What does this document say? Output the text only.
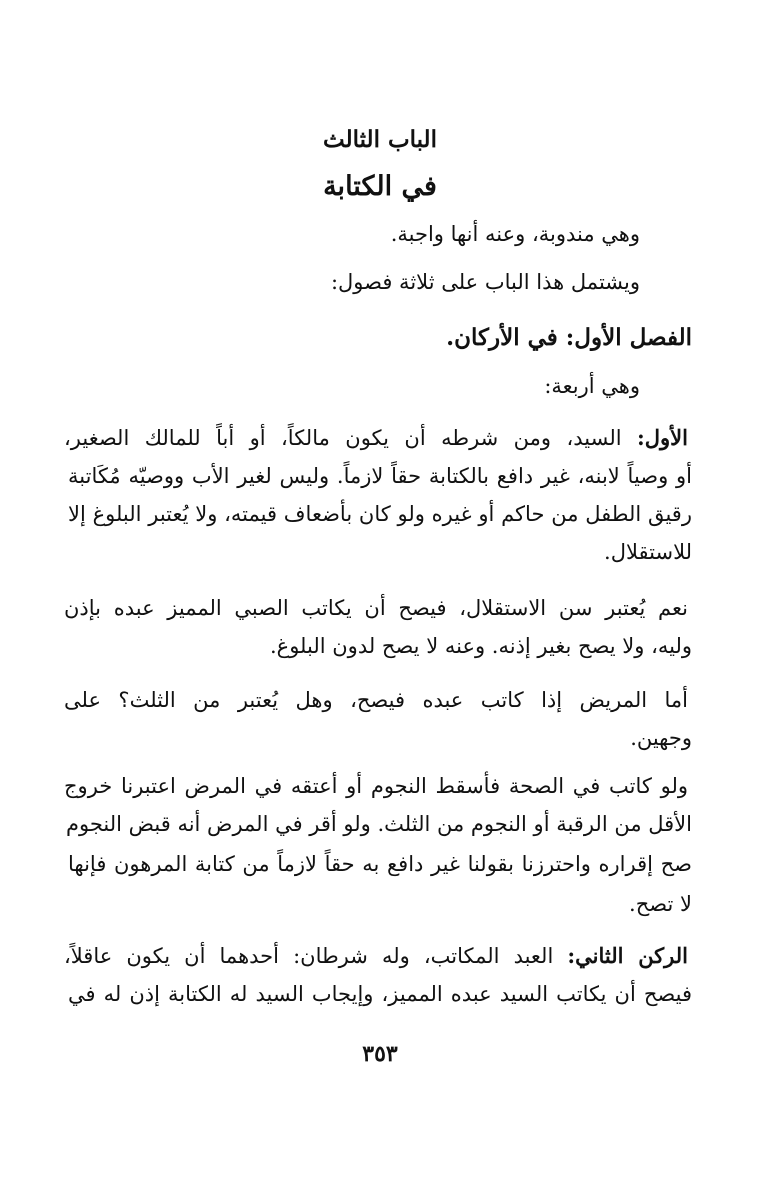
الباب الثالث
في الكتابة
وهي مندوبة، وعنه أنها واجبة.
ويشتمل هذا الباب على ثلاثة فصول:
الفصل الأول: في الأركان.
وهي أربعة:
الأول: السيد، ومن شرطه أن يكون مالكاً، أو أباً للمالك الصغير،
أو وصياً لابنه، غير دافع بالكتابة حقاً لازماً. وليس لغير الأب ووصيّه مُكَاتبة
رقيق الطفل من حاكم أو غيره ولو كان بأضعاف قيمته، ولا يُعتبر البلوغ إلا
للاستقلال.
نعم يُعتبر سن الاستقلال، فيصح أن يكاتب الصبي المميز عبده بإذن
وليه، ولا يصح بغير إذنه. وعنه لا يصح لدون البلوغ.
أما المريض إذا كاتب عبده فيصح، وهل يُعتبر من الثلث؟ على
وجهين.
ولو كاتب في الصحة فأسقط النجوم أو أعتقه في المرض اعتبرنا خروج
الأقل من الرقبة أو النجوم من الثلث. ولو أقر في المرض أنه قبض النجوم
صح إقراره واحترزنا بقولنا غير دافع به حقاً لازماً من كتابة المرهون فإنها
لا تصح.
الركن الثاني: العبد المكاتب، وله شرطان: أحدهما أن يكون عاقلاً،
فيصح أن يكاتب السيد عبده المميز، وإيجاب السيد له الكتابة إذن له في
٣٥٣
